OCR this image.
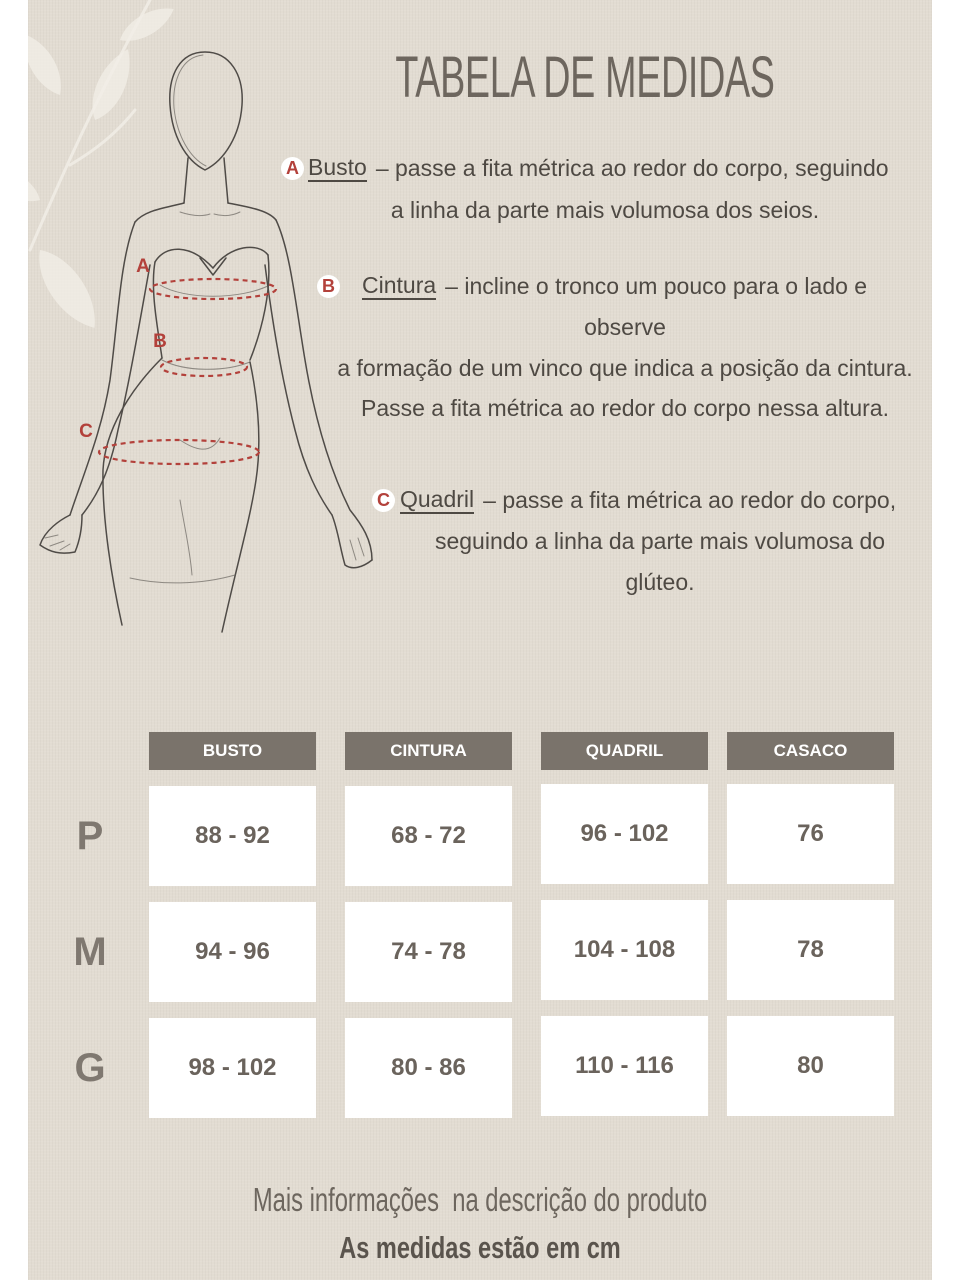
A
B
C
TABELA DE MEDIDAS
A Busto – passe a fita métrica ao redor do corpo, seguindo
a linha da parte mais volumosa dos seios.
B Cintura – incline o tronco um pouco para o lado e
observe
a formação de um vinco que indica a posição da cintura.
Passe a fita métrica ao redor do corpo nessa altura.
C Quadril – passe a fita métrica ao redor do corpo,
seguindo a linha da parte mais volumosa do
glúteo.
BUSTO	CINTURA	QUADRIL	CASACO
P	88 - 92	68 - 72	96 - 102	76
M	94 - 96	74 - 78	104 - 108	78
G	98 - 102	80 - 86	110 - 116	80
Mais informações  na descrição do produto
As medidas estão em cm
